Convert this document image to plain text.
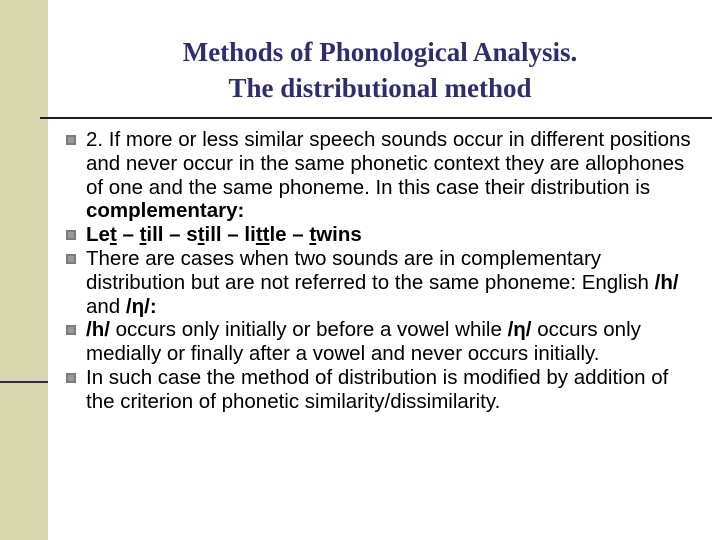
Methods of Phonological Analysis.
The distributional method
2. If more or less similar speech sounds occur in different positions and never occur in the same phonetic context they are allophones of one and the same phoneme. In this case their distribution is complementary:
Let – till – still – little – twins
There are cases when two sounds are in complementary distribution but are not referred to the same phoneme: English /h/ and /η/:
/h/ occurs only initially or before a vowel while /η/ occurs only medially or finally after a vowel and never occurs initially.
In such case the method of distribution is modified by addition of the criterion of phonetic similarity/dissimilarity.
